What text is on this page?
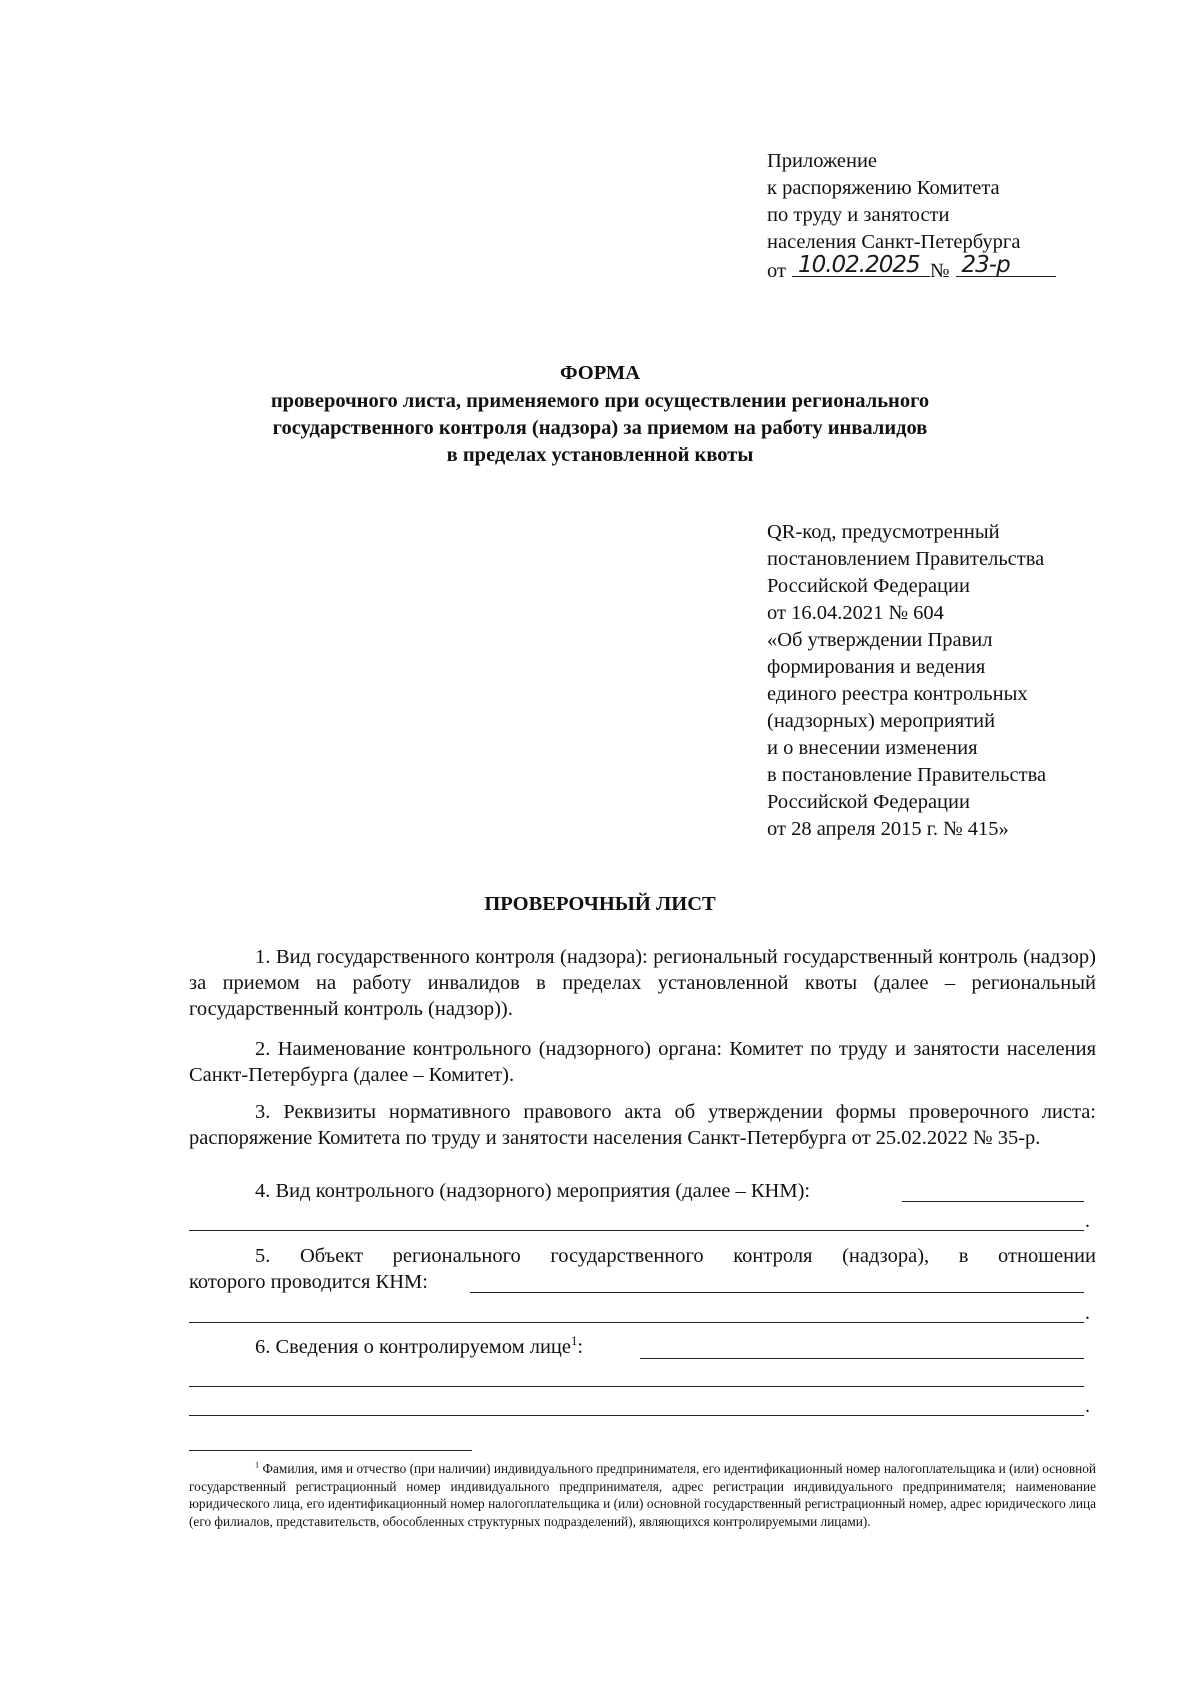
Приложение
к распоряжению Комитета
по труду и занятости
населения Санкт-Петербурга
от 10.02.2025 № 23-р
ФОРМА
проверочного листа, применяемого при осуществлении регионального
государственного контроля (надзора) за приемом на работу инвалидов
в пределах установленной квоты
QR-код, предусмотренный
постановлением Правительства
Российской Федерации
от 16.04.2021 № 604
«Об утверждении Правил
формирования и ведения
единого реестра контрольных
(надзорных) мероприятий
и о внесении изменения
в постановление Правительства
Российской Федерации
от 28 апреля 2015 г. № 415»
ПРОВЕРОЧНЫЙ ЛИСТ
1. Вид государственного контроля (надзора): региональный государственный контроль (надзор) за приемом на работу инвалидов в пределах установленной квоты (далее – региональный государственный контроль (надзор)).
2. Наименование контрольного (надзорного) органа: Комитет по труду и занятости населения Санкт-Петербурга (далее – Комитет).
3. Реквизиты нормативного правового акта об утверждении формы проверочного листа: распоряжение Комитета по труду и занятости населения Санкт-Петербурга от 25.02.2022 № 35-р.
4. Вид контрольного (надзорного) мероприятия (далее – КНМ):
.
5. Объект регионального государственного контроля (надзора), в отношении
которого проводится КНМ:
.
6. Сведения о контролируемом лице$^1$:
.
$^1$ Фамилия, имя и отчество (при наличии) индивидуального предпринимателя, его идентификационный номер налогоплательщика и (или) основной государственный регистрационный номер индивидуального предпринимателя, адрес регистрации индивидуального предпринимателя; наименование юридического лица, его идентификационный номер налогоплательщика и (или) основной государственный регистрационный номер, адрес юридического лица (его филиалов, представительств, обособленных структурных подразделений), являющихся контролируемыми лицами).
